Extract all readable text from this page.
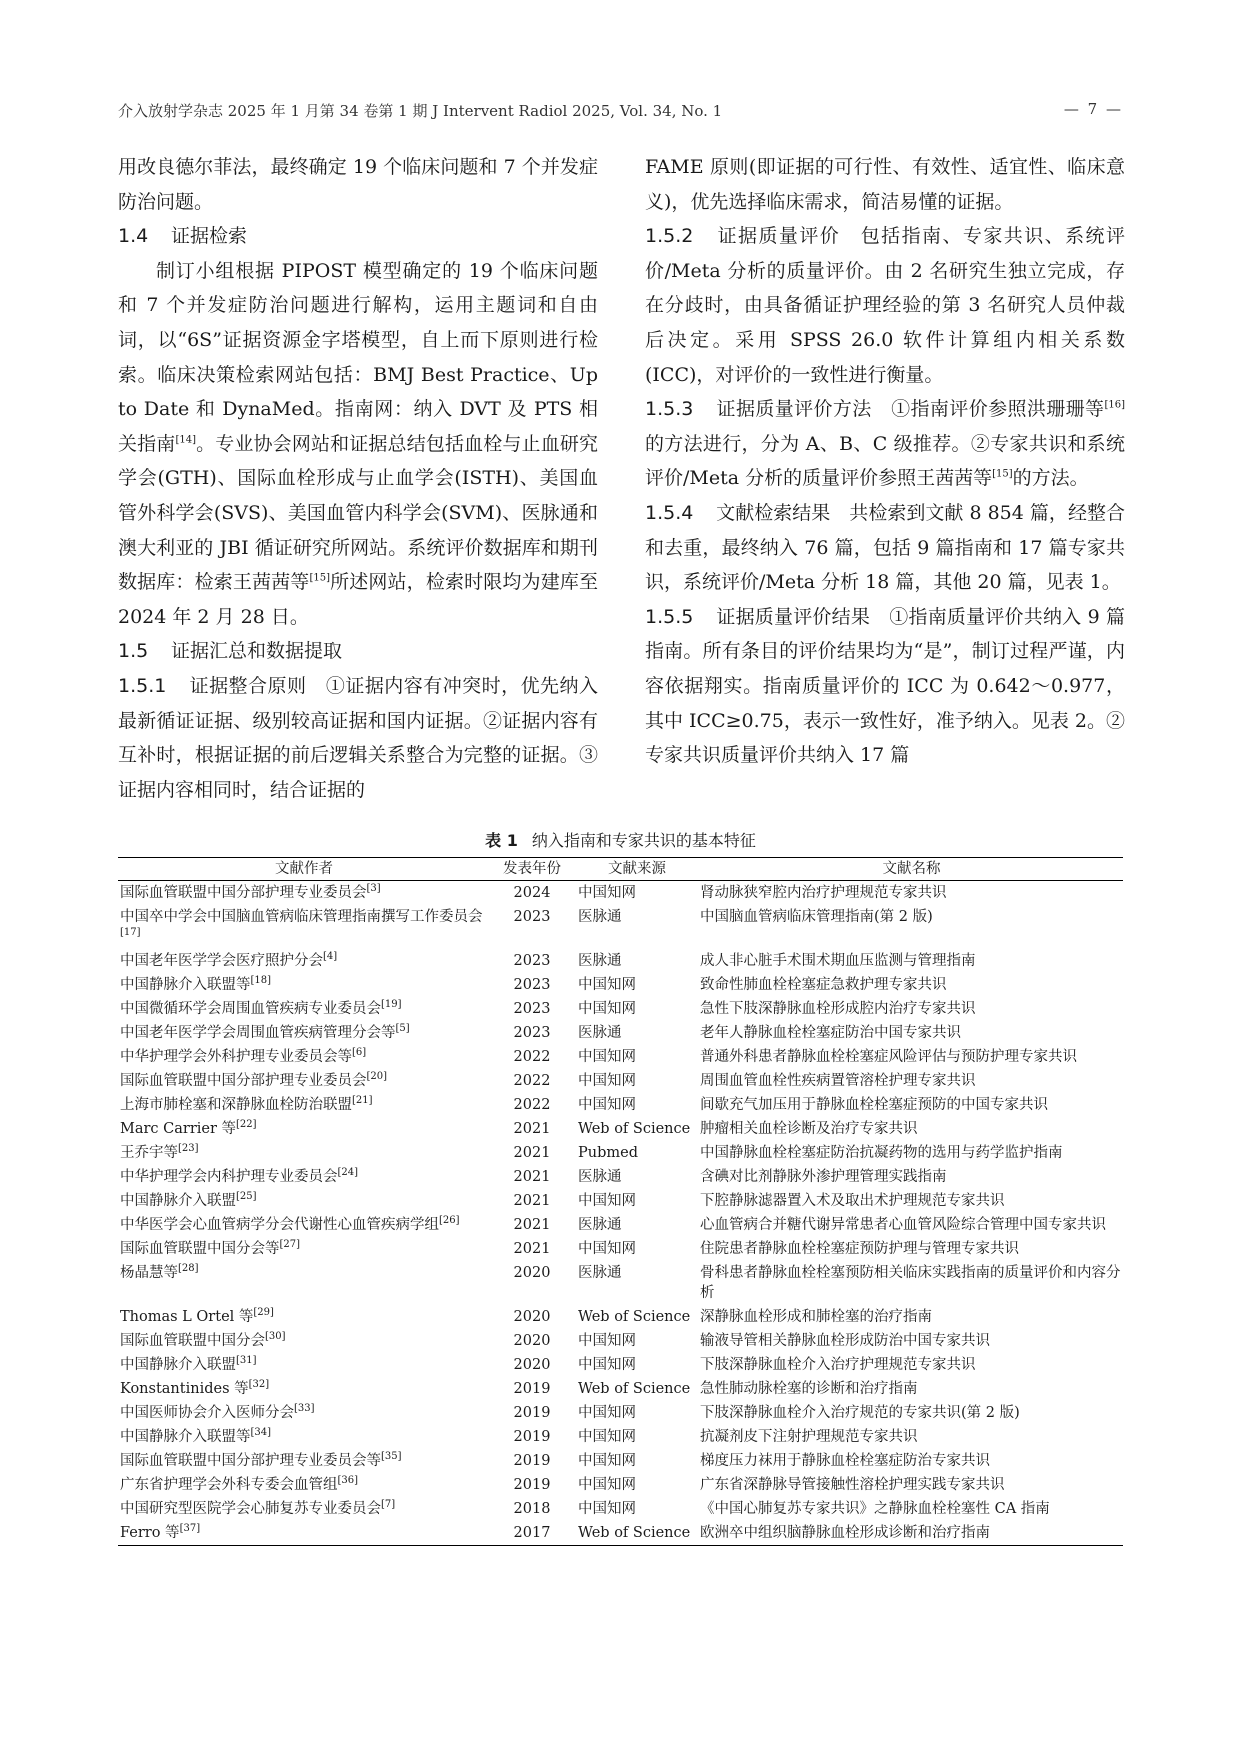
介入放射学杂志 2025 年 1 月第 34 卷第 1 期 J Intervent Radiol 2025, Vol. 34, No. 1	— 7 —

用改良德尔菲法，最终确定 19 个临床问题和 7 个并发症防治问题。

1.4 证据检索

制订小组根据 PIPOST 模型确定的 19 个临床问题和 7 个并发症防治问题进行解构，运用主题词和自由词，以“6S”证据资源金字塔模型，自上而下原则进行检索。临床决策检索网站包括：BMJ Best Practice、Up to Date 和 DynaMed。指南网：纳入 DVT 及 PTS 相关指南[14]。专业协会网站和证据总结包括血栓与止血研究学会(GTH)、国际血栓形成与止血学会(ISTH)、美国血管外科学会(SVS)、美国血管内科学会(SVM)、医脉通和澳大利亚的 JBI 循证研究所网站。系统评价数据库和期刊数据库：检索王茜茜等[15]所述网站，检索时限均为建库至 2024 年 2 月 28 日。

1.5 证据汇总和数据提取

1.5.1 证据整合原则  ①证据内容有冲突时，优先纳入最新循证证据、级别较高证据和国内证据。②证据内容有互补时，根据证据的前后逻辑关系整合为完整的证据。③证据内容相同时，结合证据的

FAME 原则(即证据的可行性、有效性、适宜性、临床意义)，优先选择临床需求，简洁易懂的证据。

1.5.2 证据质量评价  包括指南、专家共识、系统评价/Meta 分析的质量评价。由 2 名研究生独立完成，存在分歧时，由具备循证护理经验的第 3 名研究人员仲裁后决定。采用 SPSS 26.0 软件计算组内相关系数(ICC)，对评价的一致性进行衡量。

1.5.3 证据质量评价方法  ①指南评价参照洪珊珊等[16]的方法进行，分为 A、B、C 级推荐。②专家共识和系统评价/Meta 分析的质量评价参照王茜茜等[15]的方法。

1.5.4 文献检索结果  共检索到文献 8 854 篇，经整合和去重，最终纳入 76 篇，包括 9 篇指南和 17 篇专家共识，系统评价/Meta 分析 18 篇，其他 20 篇，见表 1。

1.5.5 证据质量评价结果  ①指南质量评价共纳入 9 篇指南。所有条目的评价结果均为“是”，制订过程严谨，内容依据翔实。指南质量评价的 ICC 为 0.642～0.977，其中 ICC≥0.75，表示一致性好，准予纳入。见表 2。②专家共识质量评价共纳入 17 篇

表 1 纳入指南和专家共识的基本特征
文献作者	发表年份	文献来源	文献名称
国际血管联盟中国分部护理专业委员会[3]	2024	中国知网	肾动脉狭窄腔内治疗护理规范专家共识
中国卒中学会中国脑血管病临床管理指南撰写工作委员会[17]	2023	医脉通	中国脑血管病临床管理指南(第 2 版)
中国老年医学学会医疗照护分会[4]	2023	医脉通	成人非心脏手术围术期血压监测与管理指南
中国静脉介入联盟等[18]	2023	中国知网	致命性肺血栓栓塞症急救护理专家共识
中国微循环学会周围血管疾病专业委员会[19]	2023	中国知网	急性下肢深静脉血栓形成腔内治疗专家共识
中国老年医学学会周围血管疾病管理分会等[5]	2023	医脉通	老年人静脉血栓栓塞症防治中国专家共识
中华护理学会外科护理专业委员会等[6]	2022	中国知网	普通外科患者静脉血栓栓塞症风险评估与预防护理专家共识
国际血管联盟中国分部护理专业委员会[20]	2022	中国知网	周围血管血栓性疾病置管溶栓护理专家共识
上海市肺栓塞和深静脉血栓防治联盟[21]	2022	中国知网	间歇充气加压用于静脉血栓栓塞症预防的中国专家共识
Marc Carrier 等[22]	2021	Web of Science	肿瘤相关血栓诊断及治疗专家共识
王乔宇等[23]	2021	Pubmed	中国静脉血栓栓塞症防治抗凝药物的选用与药学监护指南
中华护理学会内科护理专业委员会[24]	2021	医脉通	含碘对比剂静脉外渗护理管理实践指南
中国静脉介入联盟[25]	2021	中国知网	下腔静脉滤器置入术及取出术护理规范专家共识
中华医学会心血管病学分会代谢性心血管疾病学组[26]	2021	医脉通	心血管病合并糖代谢异常患者心血管风险综合管理中国专家共识
国际血管联盟中国分会等[27]	2021	中国知网	住院患者静脉血栓栓塞症预防护理与管理专家共识
杨晶慧等[28]	2020	医脉通	骨科患者静脉血栓栓塞预防相关临床实践指南的质量评价和内容分析
Thomas L Ortel 等[29]	2020	Web of Science	深静脉血栓形成和肺栓塞的治疗指南
国际血管联盟中国分会[30]	2020	中国知网	输液导管相关静脉血栓形成防治中国专家共识
中国静脉介入联盟[31]	2020	中国知网	下肢深静脉血栓介入治疗护理规范专家共识
Konstantinides 等[32]	2019	Web of Science	急性肺动脉栓塞的诊断和治疗指南
中国医师协会介入医师分会[33]	2019	中国知网	下肢深静脉血栓介入治疗规范的专家共识(第 2 版)
中国静脉介入联盟等[34]	2019	中国知网	抗凝剂皮下注射护理规范专家共识
国际血管联盟中国分部护理专业委员会等[35]	2019	中国知网	梯度压力袜用于静脉血栓栓塞症防治专家共识
广东省护理学会外科专委会血管组[36]	2019	中国知网	广东省深静脉导管接触性溶栓护理实践专家共识
中国研究型医院学会心肺复苏专业委员会[7]	2018	中国知网	《中国心肺复苏专家共识》之静脉血栓栓塞性 CA 指南
Ferro 等[37]	2017	Web of Science	欧洲卒中组织脑静脉血栓形成诊断和治疗指南
